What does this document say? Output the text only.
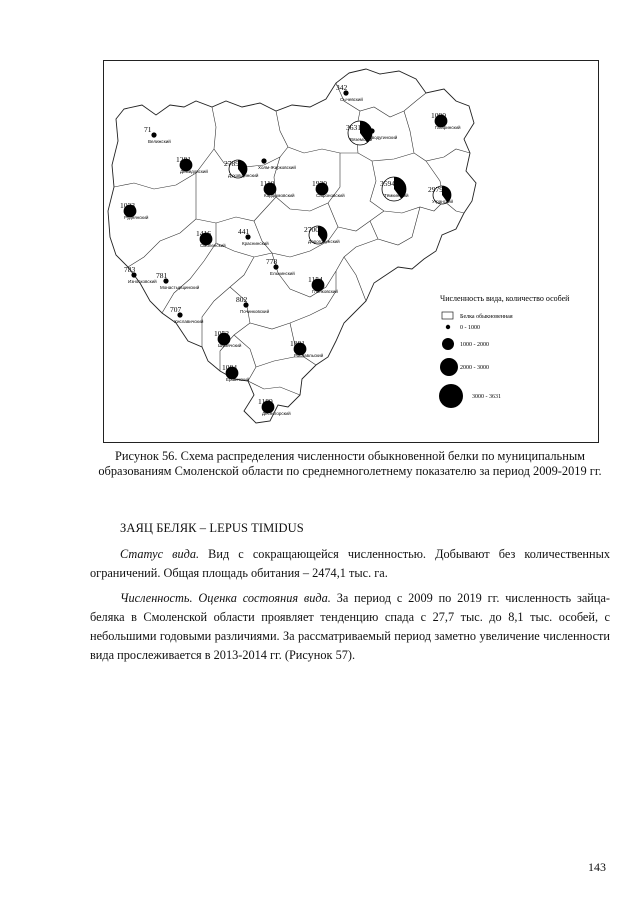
Численность вида, количество особей
Белка обыкновенная
0 - 1000
1000 - 2000
2000 - 3000
3000 - 3631
342
Сычевский
1090
Гагаринский
3631
Вяземский
Новодугинский
71
Велижский
1281
Демидовский
2789
Духовщинский
Холм-Жирковский
1110
Кардымовский
1930
Сафоновский
3594
Тёмкинский
2979
Угранский
1023
Руднянский
1416
Смоленский
441
Краснинский
2700
Дорогобужский
783
Износковский
781
Монастырщинский
778
Ельнинский
1154
Глинковский
707
Хиславичский
802
Починковский
1052
Шумячский	1081
Рославльский
1084
Ершичский
1189
Десногорский
Рисунок 56. Схема распределения численности обыкновенной белки по муниципальным образованиям Смоленской области по среднемноголетнему показателю за период 2009-2019 гг.
ЗАЯЦ БЕЛЯК – LEPUS TIMIDUS
Статус вида. Вид с сокращающейся численностью. Добывают без количественных ограничений. Общая площадь обитания – 2474,1 тыс. га.
Численность. Оценка состояния вида. За период с 2009 по 2019 гг. численность зайца-беляка в Смоленской области проявляет тенденцию спада с 27,7 тыс. до 8,1 тыс. особей, с небольшими годовыми различиями. За рассматриваемый период заметно увеличение численности вида прослеживается в 2013-2014 гг. (Рисунок 57).
143
